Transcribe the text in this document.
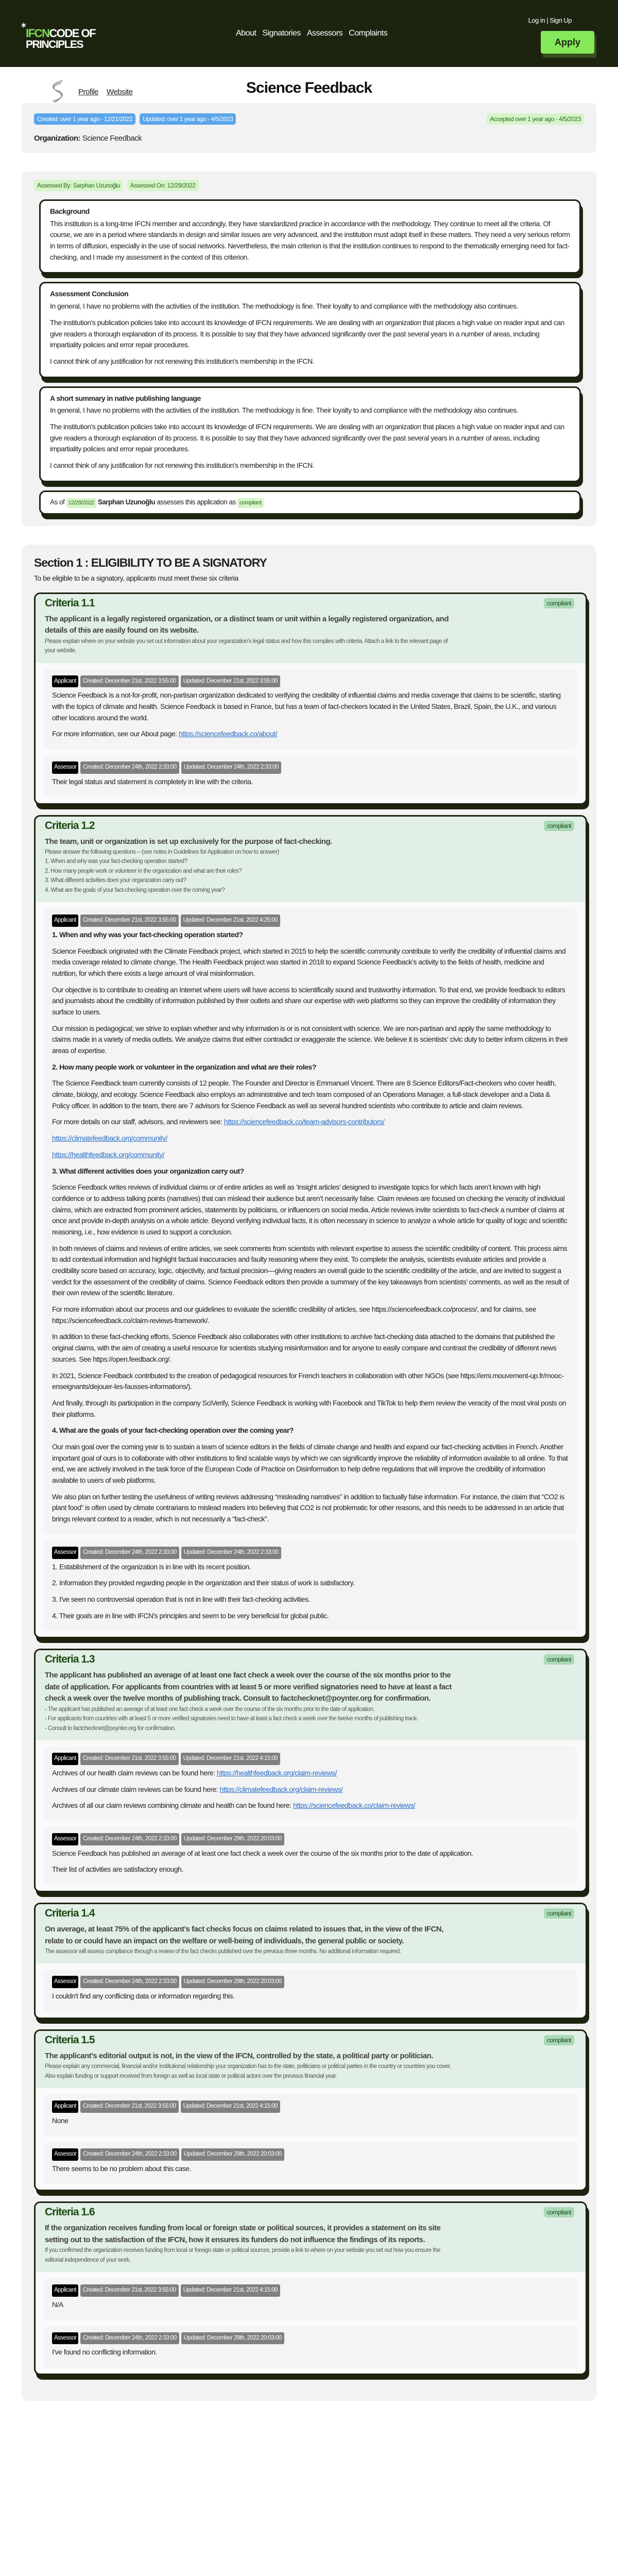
✶
IFCNCODE OF
PRINCIPLES
About Signatories Assessors Complaints
Log in | Sign Up
Apply
Profile Website	Science Feedback
Created: over 1 year ago - 12/21/2022	Updated: over 1 year ago - 4/5/2023	Accepted over 1 year ago - 4/5/2023
Organization: Science Feedback
Assessed By: Sarphan Uzunoğlu	Assessed On: 12/29/2022
Background

This institution is a long-time IFCN member and accordingly, they have standardized practice in accordance with the methodology. They continue to meet all the criteria. Of course, we are in a period where standards in design and similar issues are very advanced, and the institution must adapt itself in these matters. They need a very serious reform in terms of diffusion, especially in the use of social networks. Nevertheless, the main criterion is that the institution continues to respond to the thematically emerging need for fact-checking, and I made my assessment in the context of this criterion.

Assessment Conclusion

In general, I have no problems with the activities of the institution. The methodology is fine. Their loyalty to and compliance with the methodology also continues.

The institution's publication policies take into account its knowledge of IFCN requirements. We are dealing with an organization that places a high value on reader input and can give readers a thorough explanation of its process. It is possible to say that they have advanced significantly over the past several years in a number of areas, including impartiality policies and error repair procedures.

I cannot think of any justification for not renewing this institution's membership in the IFCN.

A short summary in native publishing language

In general, I have no problems with the activities of the institution. The methodology is fine. Their loyalty to and compliance with the methodology also continues.

The institution's publication policies take into account its knowledge of IFCN requirements. We are dealing with an organization that places a high value on reader input and can give readers a thorough explanation of its process. It is possible to say that they have advanced significantly over the past several years in a number of areas, including impartiality policies and error repair procedures.

I cannot think of any justification for not renewing this institution's membership in the IFCN.

As of 12/29/2022 Sarphan Uzunoğlu assesses this application as compliant
Section 1 : ELIGIBILITY TO BE A SIGNATORY
To be eligible to be a signatory, applicants must meet these six criteria
Criteria 1.1	compliant
The applicant is a legally registered organization, or a distinct team or unit within a legally registered organization, and details of this are easily found on its website.
Please explain where on your website you set out information about your organization’s legal status and how this complies with criteria. Attach a link to the relevant page of your website.
Applicant	Created: December 21st, 2022 3:55:00	Updated: December 21st, 2022 3:55:00

Science Feedback is a not-for-profit, non-partisan organization dedicated to verifying the credibility of influential claims and media coverage that claims to be scientific, starting with the topics of climate and health. Science Feedback is based in France, but has a team of fact-checkers located in the United States, Brazil, Spain, the U.K., and various other locations around the world.

For more information, see our About page: https://sciencefeedback.co/about/

Assessor	Created: December 24th, 2022 2:33:00	Updated: December 24th, 2022 2:33:00

Their legal status and statement is completely in line with the criteria.

Criteria 1.2	compliant
The team, unit or organization is set up exclusively for the purpose of fact-checking.
Please answer the following questions – (see notes in Guidelines for Application on how to answer)
1. When and why was your fact-checking operation started?
2. How many people work or volunteer in the organization and what are their roles?
3. What different activities does your organization carry out?
4. What are the goals of your fact-checking operation over the coming year?
Applicant	Created: December 21st, 2022 3:55:00	Updated: December 21st, 2022 4:25:00

1. When and why was your fact-checking operation started?

Science Feedback originated with the Climate Feedback project, which started in 2015 to help the scientific community contribute to verify the credibility of influential claims and media coverage related to climate change. The Health Feedback project was started in 2018 to expand Science Feedback’s activity to the fields of health, medicine and nutrition, for which there exists a large amount of viral misinformation.

Our objective is to contribute to creating an Internet where users will have access to scientifically sound and trustworthy information. To that end, we provide feedback to editors and journalists about the credibility of information published by their outlets and share our expertise with web platforms so they can improve the credibility of information they surface to users.

Our mission is pedagogical; we strive to explain whether and why information is or is not consistent with science. We are non-partisan and apply the same methodology to claims made in a variety of media outlets. We analyze claims that either contradict or exaggerate the science. We believe it is scientists’ civic duty to better inform citizens in their areas of expertise.

2. How many people work or volunteer in the organization and what are their roles?

The Science Feedback team currently consists of 12 people. The Founder and Director is Emmanuel Vincent. There are 8 Science Editors/Fact-checkers who cover health, climate, biology, and ecology. Science Feedback also employs an administrative and tech team composed of an Operations Manager, a full-stack developer and a Data & Policy officer. In addition to the team, there are 7 advisors for Science Feedback as well as several hundred scientists who contribute to article and claim reviews.

For more details on our staff, advisors, and reviewers see: https://sciencefeedback.co/team-advisors-contributors/

https://climatefeedback.org/community/

https://healthfeedback.org/community/

3. What different activities does your organization carry out?

Science Feedback writes reviews of individual claims or of entire articles as well as ‘Insight articles’ designed to investigate topics for which facts aren’t known with high confidence or to address talking points (narratives) that can mislead their audience but aren’t necessarily false. Claim reviews are focused on checking the veracity of individual claims, which are extracted from prominent articles, statements by politicians, or influencers on social media. Article reviews invite scientists to fact-check a number of claims at once and provide in-depth analysis on a whole article. Beyond verifying individual facts, it is often necessary in science to analyze a whole article for quality of logic and scientific reasoning, i.e., how evidence is used to support a conclusion.

In both reviews of claims and reviews of entire articles, we seek comments from scientists with relevant expertise to assess the scientific credibility of content. This process aims to add contextual information and highlight factual inaccuracies and faulty reasoning where they exist. To complete the analysis, scientists evaluate articles and provide a credibility score based on accuracy, logic, objectivity, and factual precision—giving readers an overall guide to the scientific credibility of the article, and are invited to suggest a verdict for the assessment of the credibility of claims. Science Feedback editors then provide a summary of the key takeaways from scientists’ comments, as well as the result of their own review of the scientific literature.

For more information about our process and our guidelines to evaluate the scientific credibility of articles, see https://sciencefeedback.co/process/, and for claims, see https://sciencefeedback.co/claim-reviews-framework/.

In addition to these fact-checking efforts, Science Feedback also collaborates with other institutions to archive fact-checking data attached to the domains that published the original claims, with the aim of creating a useful resource for scientists studying misinformation and for anyone to easily compare and contrast the credibility of different news sources. See https://open.feedback.org/.

In 2021, Science Feedback contributed to the creation of pedagogical resources for French teachers in collaboration with other NGOs (see https://emi.mouvement-up.fr/mooc-enseignants/dejouer-les-fausses-informations/).

And finally, through its participation in the company SciVerify, Science Feedback is working with Facebook and TikTok to help them review the veracity of the most viral posts on their platforms.

4. What are the goals of your fact-checking operation over the coming year?

Our main goal over the coming year is to sustain a team of science editors in the fields of climate change and health and expand our fact-checking activities in French. Another important goal of ours is to collaborate with other institutions to find scalable ways by which we can significantly improve the reliability of information available to all online. To that end, we are actively involved in the task force of the European Code of Practice on Disinformation to help define regulations that will improve the credibility of information available to users of web platforms.

We also plan on further testing the usefulness of writing reviews addressing “misleading narratives” in addition to factually false information. For instance, the claim that “CO2 is plant food” is often used by climate contrarians to mislead readers into believing that CO2 is not problematic for other reasons, and this needs to be addressed in an article that brings relevant context to a reader, which is not necessarily a “fact-check”.

Assessor	Created: December 24th, 2022 2:33:00	Updated: December 24th, 2022 2:33:00

1. Establishment of the organization is in line with its recent position.

2. Information they provided regarding people in the organization and their status of work is satisfactory.

3. I've seen no controversial operation that is not in line with their fact-checking activities.

4. Their goals are in line with IFCN's principles and seem to be very beneficial for global public.

Criteria 1.3	compliant
The applicant has published an average of at least one fact check a week over the course of the six months prior to the date of application. For applicants from countries with at least 5 or more verified signatories need to have at least a fact check a week over the twelve months of publishing track. Consult to factchecknet@poynter.org for confirmation.
- The applicant has published an average of at least one fact check a week over the course of the six months prior to the date of application.
- For applicants from countries with at least 5 or more verified signatories need to have at least a fact check a week over the twelve months of publishing track.
- Consult to factchecknet@poynter.org for confirmation.
Applicant	Created: December 21st, 2022 3:55:00	Updated: December 21st, 2022 4:15:00

Archives of our health claim reviews can be found here: https://healthfeedback.org/claim-reviews/

Archives of our climate claim reviews can be found here: https://climatefeedback.org/claim-reviews/

Archives of all our claim reviews combining climate and health can be found here: https://sciencefeedback.co/claim-reviews/

Assessor	Created: December 24th, 2022 2:33:00	Updated: December 29th, 2022 20:03:00

Science Feedback has published an average of at least one fact check a week over the course of the six months prior to the date of application.

Their list of activities are satisfactory enough.

Criteria 1.4	compliant
On average, at least 75% of the applicant’s fact checks focus on claims related to issues that, in the view of the IFCN, relate to or could have an impact on the welfare or well-being of individuals, the general public or society.
The assessor will assess compliance through a review of the fact checks published over the previous three months. No additional information required.
Assessor	Created: December 24th, 2022 2:33:00	Updated: December 29th, 2022 20:03:00

I couldn't find any conflicting data or information regarding this.

Criteria 1.5	compliant
The applicant’s editorial output is not, in the view of the IFCN, controlled by the state, a political party or politician.
Please explain any commercial, financial and/or institutional relationship your organization has to the state, politicians or political parties in the country or countries you cover. Also explain funding or support received from foreign as well as local state or political actors over the previous financial year.
Applicant	Created: December 21st, 2022 3:55:00	Updated: December 21st, 2022 4:15:00

None

Assessor	Created: December 24th, 2022 2:33:00	Updated: December 29th, 2022 20:03:00

There seems to be no problem about this case.

Criteria 1.6	compliant
If the organization receives funding from local or foreign state or political sources, it provides a statement on its site setting out to the satisfaction of the IFCN, how it ensures its funders do not influence the findings of its reports.
If you confirmed the organization receives funding from local or foreign state or political sources, provide a link to where on your website you set out how you ensure the editorial independence of your work.
Applicant	Created: December 21st, 2022 3:55:00	Updated: December 21st, 2022 4:15:00

N/A

Assessor	Created: December 24th, 2022 2:33:00	Updated: December 29th, 2022 20:03:00

I've found no conflicting information.
